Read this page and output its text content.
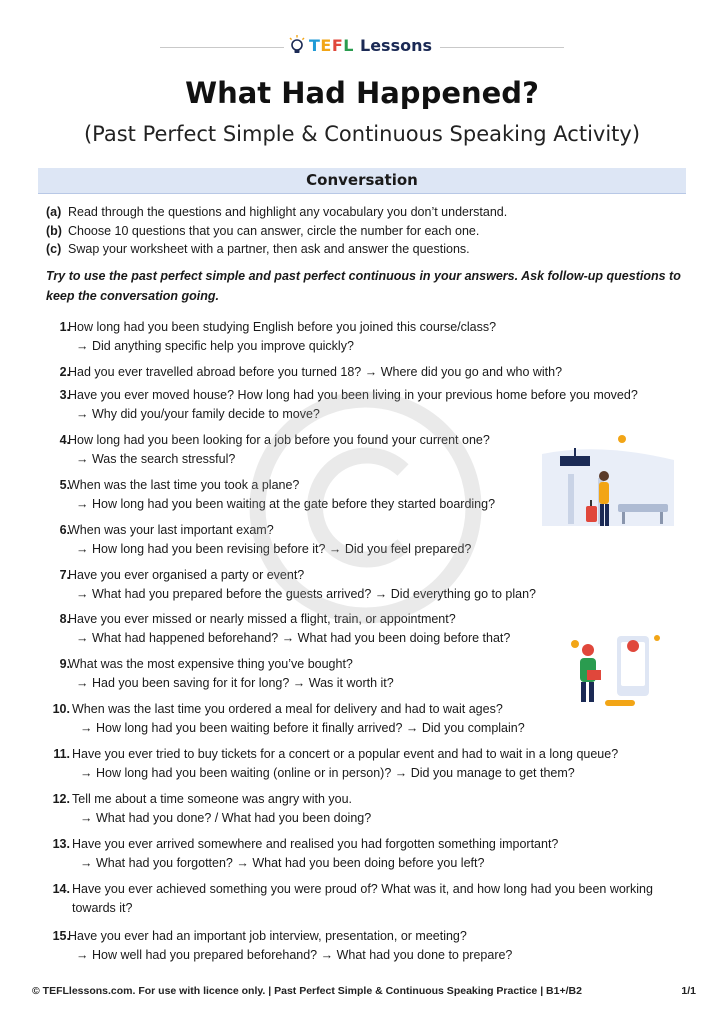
TEFL Lessons
What Had Happened?
(Past Perfect Simple & Continuous Speaking Activity)
Conversation
(a) Read through the questions and highlight any vocabulary you don’t understand.
(b) Choose 10 questions that you can answer, circle the number for each one.
(c) Swap your worksheet with a partner, then ask and answer the questions.
Try to use the past perfect simple and past perfect continuous in your answers. Ask follow-up questions to keep the conversation going.
1.
How long had you been studying English before you joined this course/class?
→ Did anything specific help you improve quickly?
2.
Had you ever travelled abroad before you turned 18? → Where did you go and who with?
3.
Have you ever moved house? How long had you been living in your previous home before you moved?
→ Why did you/your family decide to move?
4.
How long had you been looking for a job before you found your current one?
→ Was the search stressful?
5.
When was the last time you took a plane?
→ How long had you been waiting at the gate before they started boarding?
6.
When was your last important exam?
→ How long had you been revising before it? → Did you feel prepared?
7.
Have you ever organised a party or event?
→ What had you prepared before the guests arrived? → Did everything go to plan?
8.
Have you ever missed or nearly missed a flight, train, or appointment?
→ What had happened beforehand? → What had you been doing before that?
9.
What was the most expensive thing you’ve bought?
→ Had you been saving for it for long? → Was it worth it?
10. When was the last time you ordered a meal for delivery and had to wait ages?
→ How long had you been waiting before it finally arrived? → Did you complain?
11. Have you ever tried to buy tickets for a concert or a popular event and had to wait in a long queue?
→ How long had you been waiting (online or in person)? → Did you manage to get them?
12. Tell me about a time someone was angry with you.
→ What had you done? / What had you been doing?
13. Have you ever arrived somewhere and realised you had forgotten something important?
→ What had you forgotten? → What had you been doing before you left?
14. Have you ever achieved something you were proud of? What was it, and how long had you been working towards it?
15.
Have you ever had an important job interview, presentation, or meeting?
→ How well had you prepared beforehand? → What had you done to prepare?
© TEFLlessons.com. For use with licence only. | Past Perfect Simple & Continuous Speaking Practice | B1+/B2	1/1
